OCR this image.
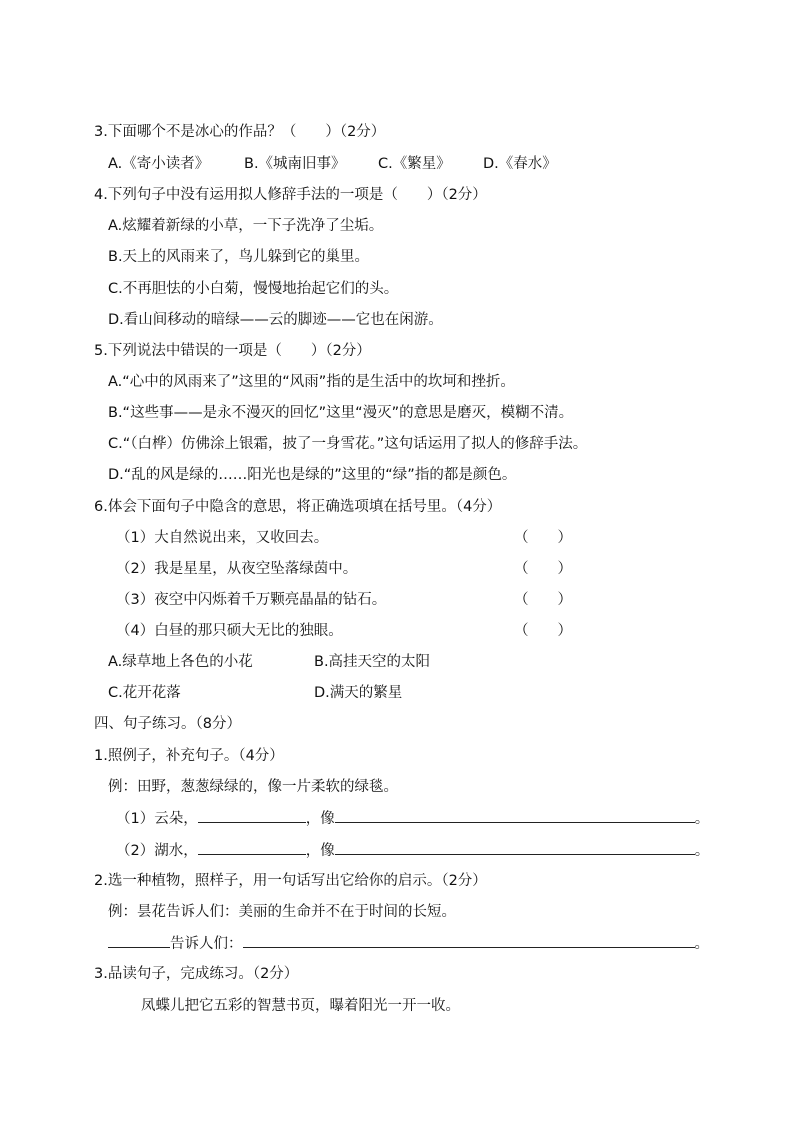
3.下面哪个不是冰心的作品？（　　）（2分）
A.《寄小读者》 B.《城南旧事》 C.《繁星》 D.《春水》
4.下列句子中没有运用拟人修辞手法的一项是（　　）（2分）
A.炫耀着新绿的小草，一下子洗净了尘垢。
B.天上的风雨来了，鸟儿躲到它的巢里。
C.不再胆怯的小白菊，慢慢地抬起它们的头。
D.看山间移动的暗绿——云的脚迹——它也在闲游。
5.下列说法中错误的一项是（　　）（2分）
A.“心中的风雨来了”这里的“风雨”指的是生活中的坎坷和挫折。
B.“这些事——是永不漫灭的回忆”这里“漫灭”的意思是磨灭，模糊不清。
C.“（白桦）仿佛涂上银霜，披了一身雪花。”这句话运用了拟人的修辞手法。
D.“乱的风是绿的……阳光也是绿的”这里的“绿”指的都是颜色。
6.体会下面句子中隐含的意思，将正确选项填在括号里。（4分）
（1）大自然说出来，又收回去。	（　　）
（2）我是星星，从夜空坠落绿茵中。	（　　）
（3）夜空中闪烁着千万颗亮晶晶的钻石。	（　　）
（4）白昼的那只硕大无比的独眼。	（　　）
A.绿草地上各色的小花	B.高挂天空的太阳
C.花开花落	D.满天的繁星
四、句子练习。（8分）
1.照例子，补充句子。（4分）
例：田野，葱葱绿绿的，像一片柔软的绿毯。
（1）云朵，	，像	。
（2）湖水，	，像	。
2.选一种植物，照样子，用一句话写出它给你的启示。（2分）
例：昙花告诉人们：美丽的生命并不在于时间的长短。
告诉人们：	。
3.品读句子，完成练习。（2分）
凤蝶儿把它五彩的智慧书页，曝着阳光一开一收。
